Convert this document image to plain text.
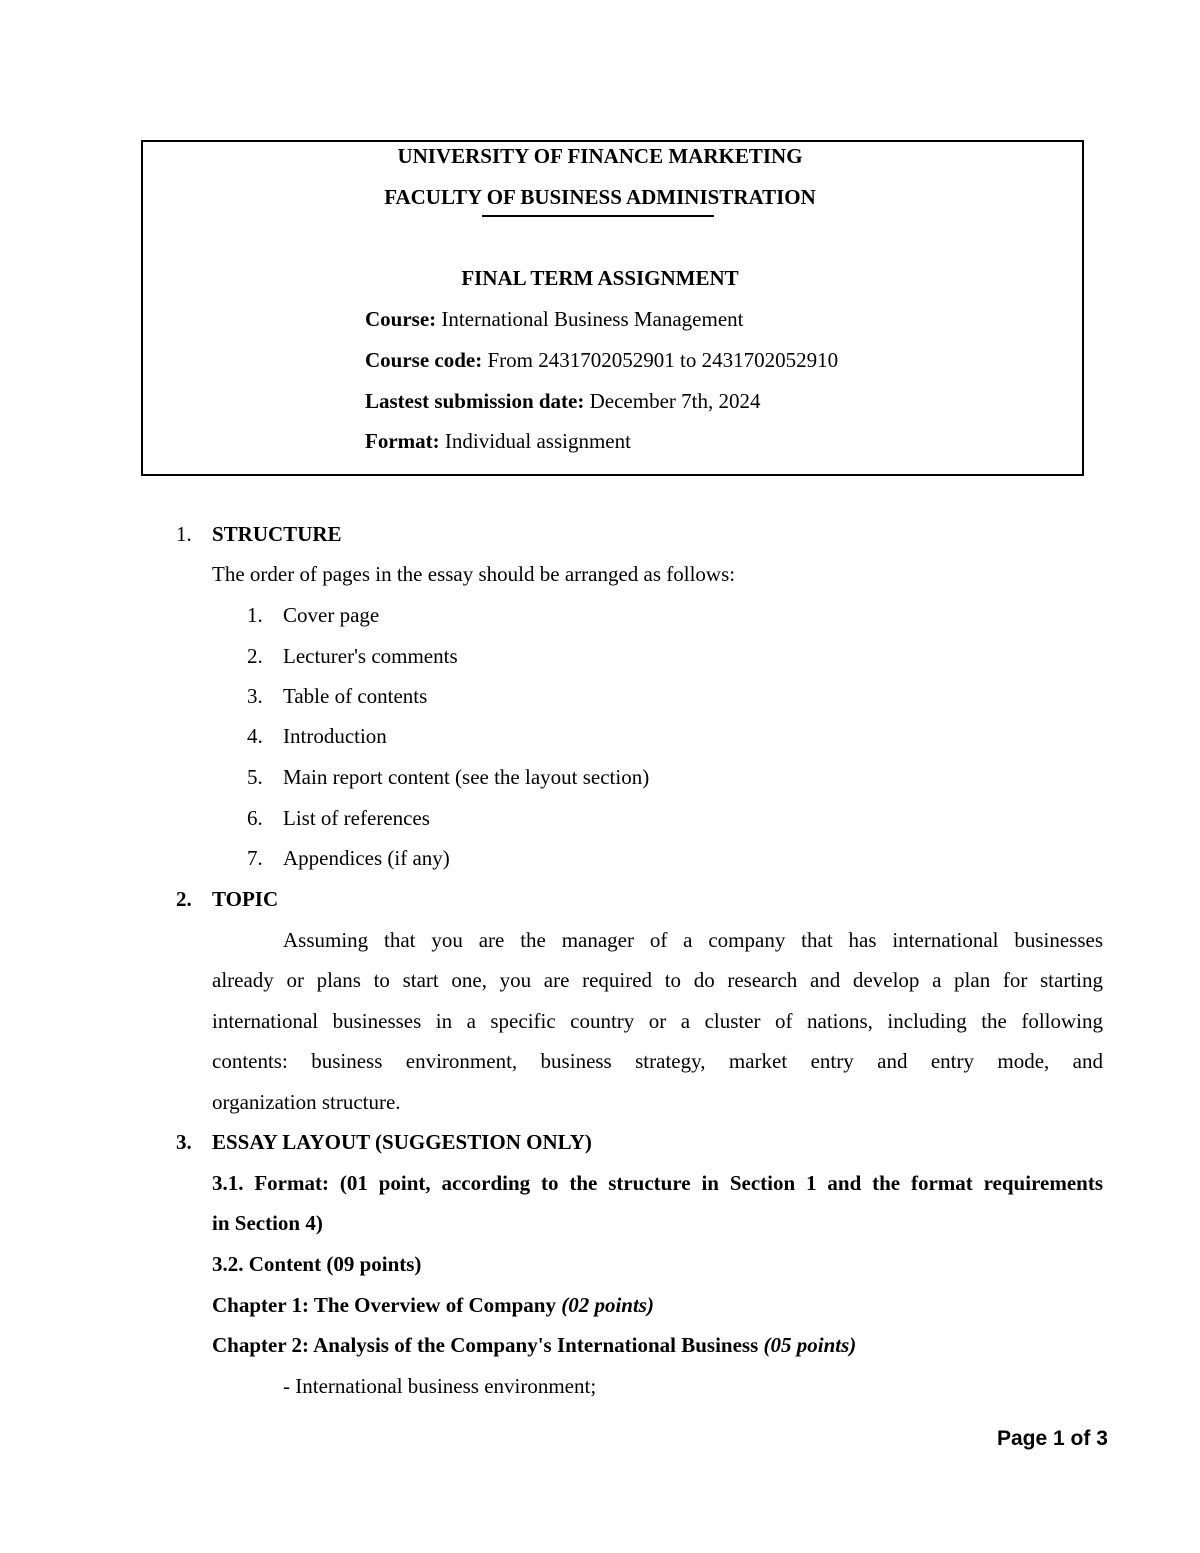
UNIVERSITY OF FINANCE MARKETING
FACULTY OF BUSINESS ADMINISTRATION
FINAL TERM ASSIGNMENT
Course: International Business Management
Course code: From 2431702052901 to 2431702052910
Lastest submission date: December 7th, 2024
Format: Individual assignment
1. STRUCTURE
The order of pages in the essay should be arranged as follows:
1. Cover page
2. Lecturer's comments
3. Table of contents
4. Introduction
5. Main report content (see the layout section)
6. List of references
7. Appendices (if any)
2. TOPIC
Assuming that you are the manager of a company that has international businesses
already or plans to start one, you are required to do research and develop a plan for starting
international businesses in a specific country or a cluster of nations, including the following
contents: business environment, business strategy, market entry and entry mode, and
organization structure.
3. ESSAY LAYOUT (SUGGESTION ONLY)
3.1. Format: (01 point, according to the structure in Section 1 and the format requirements
in Section 4)
3.2. Content (09 points)
Chapter 1: The Overview of Company (02 points)
Chapter 2: Analysis of the Company's International Business (05 points)
- International business environment;
Page 1 of 3
